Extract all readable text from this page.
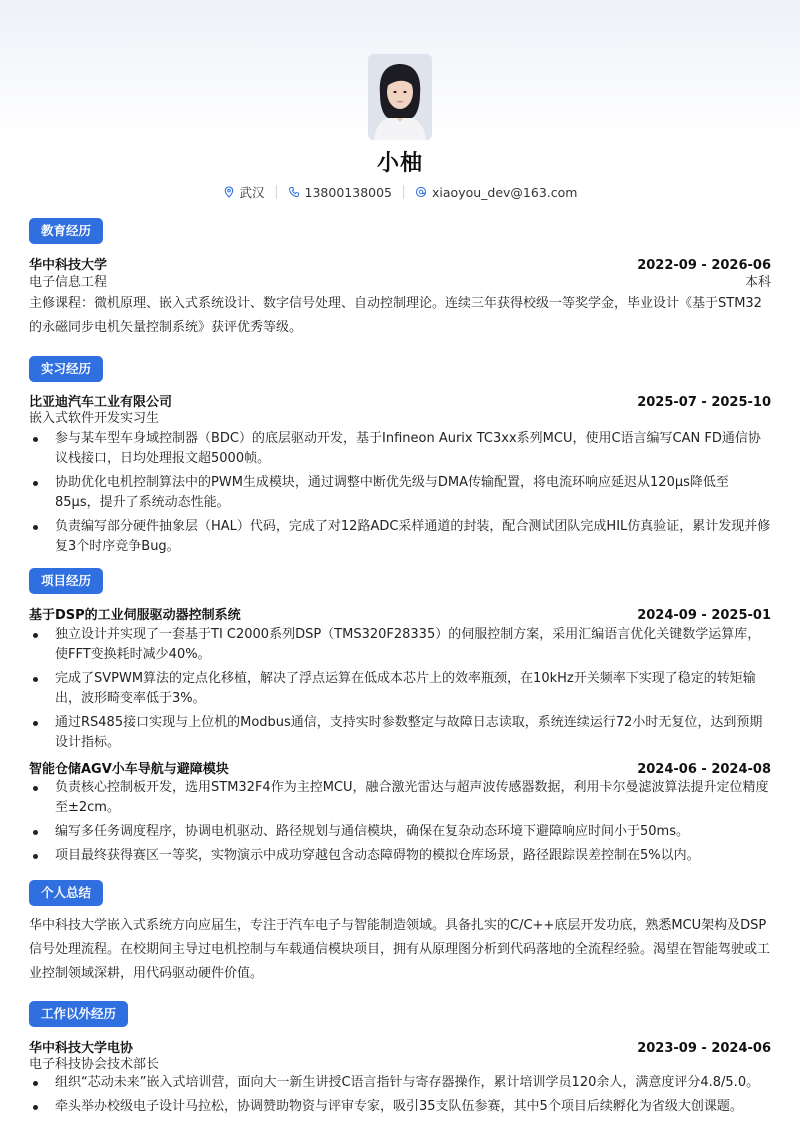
小柚
武汉	13800138005	xiaoyou_dev@163.com
教育经历
华中科技大学	2022-09 - 2026-06
电子信息工程	本科
主修课程：微机原理、嵌入式系统设计、数字信号处理、自动控制理论。连续三年获得校级一等奖学金，毕业设计《基于STM32的永磁同步电机矢量控制系统》获评优秀等级。
实习经历
比亚迪汽车工业有限公司	2025-07 - 2025-10
嵌入式软件开发实习生
参与某车型车身域控制器（BDC）的底层驱动开发，基于Infineon Aurix TC3xx系列MCU，使用C语言编写CAN FD通信协议栈接口，日均处理报文超5000帧。
协助优化电机控制算法中的PWM生成模块，通过调整中断优先级与DMA传输配置，将电流环响应延迟从120μs降低至85μs，提升了系统动态性能。
负责编写部分硬件抽象层（HAL）代码，完成了对12路ADC采样通道的封装，配合测试团队完成HIL仿真验证，累计发现并修复3个时序竞争Bug。
项目经历
基于DSP的工业伺服驱动器控制系统	2024-09 - 2025-01
独立设计并实现了一套基于TI C2000系列DSP（TMS320F28335）的伺服控制方案，采用汇编语言优化关键数学运算库，使FFT变换耗时减少40%。
完成了SVPWM算法的定点化移植，解决了浮点运算在低成本芯片上的效率瓶颈，在10kHz开关频率下实现了稳定的转矩输出，波形畸变率低于3%。
通过RS485接口实现与上位机的Modbus通信，支持实时参数整定与故障日志读取，系统连续运行72小时无复位，达到预期设计指标。
智能仓储AGV小车导航与避障模块	2024-06 - 2024-08
负责核心控制板开发，选用STM32F4作为主控MCU，融合激光雷达与超声波传感器数据，利用卡尔曼滤波算法提升定位精度至±2cm。
编写多任务调度程序，协调电机驱动、路径规划与通信模块，确保在复杂动态环境下避障响应时间小于50ms。
项目最终获得赛区一等奖，实物演示中成功穿越包含动态障碍物的模拟仓库场景，路径跟踪误差控制在5%以内。
个人总结
华中科技大学嵌入式系统方向应届生，专注于汽车电子与智能制造领域。具备扎实的C/C++底层开发功底，熟悉MCU架构及DSP信号处理流程。在校期间主导过电机控制与车载通信模块项目，拥有从原理图分析到代码落地的全流程经验。渴望在智能驾驶或工业控制领域深耕，用代码驱动硬件价值。
工作以外经历
华中科技大学电协	2023-09 - 2024-06
电子科技协会技术部长
组织“芯动未来”嵌入式培训营，面向大一新生讲授C语言指针与寄存器操作，累计培训学员120余人，满意度评分4.8/5.0。
牵头举办校级电子设计马拉松，协调赞助物资与评审专家，吸引35支队伍参赛，其中5个项目后续孵化为省级大创课题。
